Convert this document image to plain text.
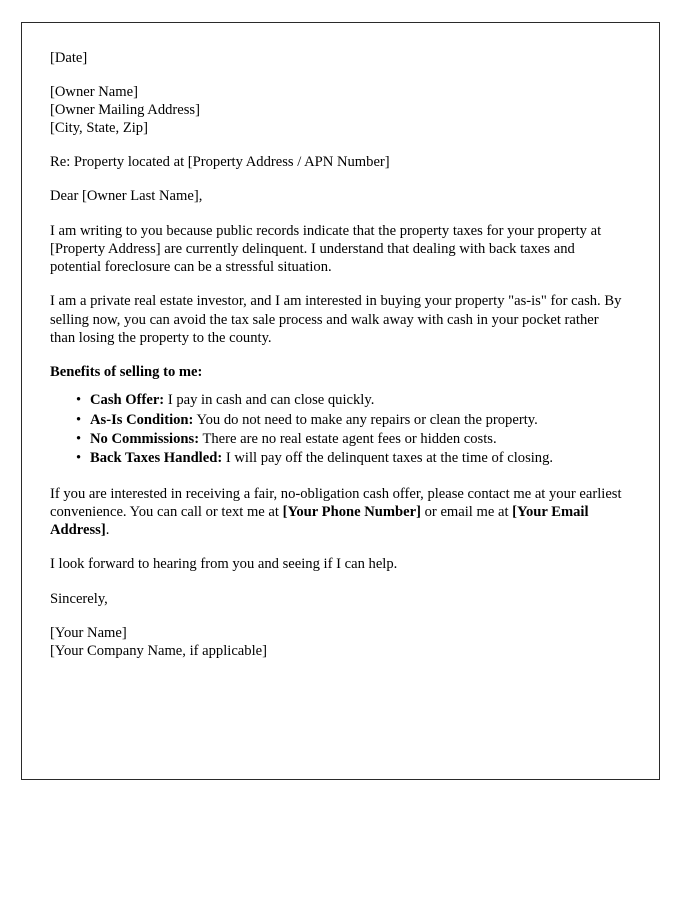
[Date]

[Owner Name]
[Owner Mailing Address]
[City, State, Zip]

Re: Property located at [Property Address / APN Number]

Dear [Owner Last Name],

I am writing to you because public records indicate that the property taxes for your property at [Property Address] are currently delinquent. I understand that dealing with back taxes and potential foreclosure can be a stressful situation.

I am a private real estate investor, and I am interested in buying your property "as-is" for cash. By selling now, you can avoid the tax sale process and walk away with cash in your pocket rather than losing the property to the county.

Benefits of selling to me:

• Cash Offer: I pay in cash and can close quickly.
• As-Is Condition: You do not need to make any repairs or clean the property.
• No Commissions: There are no real estate agent fees or hidden costs.
• Back Taxes Handled: I will pay off the delinquent taxes at the time of closing.

If you are interested in receiving a fair, no-obligation cash offer, please contact me at your earliest convenience. You can call or text me at [Your Phone Number] or email me at [Your Email Address].

I look forward to hearing from you and seeing if I can help.

Sincerely,

[Your Name]
[Your Company Name, if applicable]
